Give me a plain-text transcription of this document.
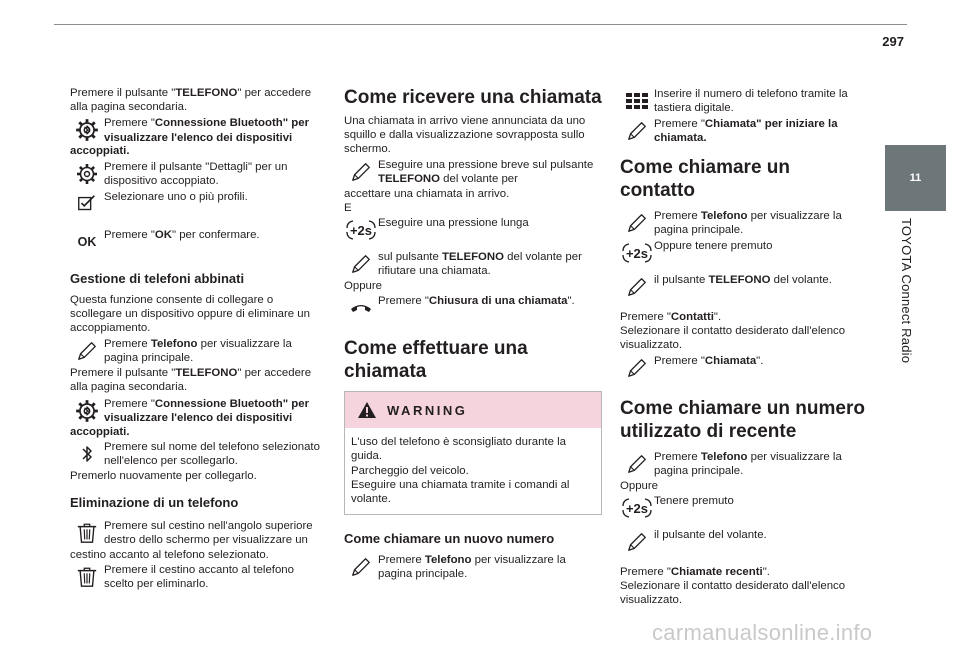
297
11
TOYOTA Connect Radio

Premere il pulsante "TELEFONO" per accedere alla pagina secondaria.

Premere "Connessione Bluetooth" per visualizzare l'elenco dei dispositivi

accoppiati.

Premere il pulsante "Dettagli" per un dispositivo accoppiato.
Selezionare uno o più profili.
OK Premere "OK" per confermare.
Gestione di telefoni abbinati

Questa funzione consente di collegare o scollegare un dispositivo oppure di eliminare un accoppiamento.

Premere Telefono per visualizzare la pagina principale.

Premere il pulsante "TELEFONO" per accedere alla pagina secondaria.

Premere "Connessione Bluetooth" per visualizzare l'elenco dei dispositivi

accoppiati.

Premere sul nome del telefono selezionato nell'elenco per scollegarlo.

Premerlo nuovamente per collegarlo.

Eliminazione di un telefono
Premere sul cestino nell'angolo superiore destro dello schermo per visualizzare un

cestino accanto al telefono selezionato.

Premere il cestino accanto al telefono scelto per eliminarlo.
Come ricevere una chiamata

Una chiamata in arrivo viene annunciata da uno squillo e dalla visualizzazione sovrapposta sullo schermo.

Eseguire una pressione breve sul pulsante TELEFONO del volante per

accettare una chiamata in arrivo.

E

Eseguire una pressione lunga
sul pulsante TELEFONO del volante per rifiutare una chiamata.

Oppure

Premere "Chiusura di una chiamata".
Come effettuare una chiamata
WARNING

L'uso del telefono è sconsigliato durante la guida.

Parcheggio del veicolo.

Eseguire una chiamata tramite i comandi al volante.

Come chiamare un nuovo numero
Premere Telefono per visualizzare la pagina principale.
Inserire il numero di telefono tramite la tastiera digitale.
Premere "Chiamata" per iniziare la chiamata.
Come chiamare un contatto
Premere Telefono per visualizzare la pagina principale.
Oppure tenere premuto
il pulsante TELEFONO del volante.

Premere "Contatti".

Selezionare il contatto desiderato dall'elenco visualizzato.

Premere "Chiamata".
Come chiamare un numero utilizzato di recente
Premere Telefono per visualizzare la pagina principale.

Oppure

Tenere premuto
il pulsante del volante.

Premere "Chiamate recenti".

Selezionare il contatto desiderato dall'elenco visualizzato.

carmanualsonline.info
